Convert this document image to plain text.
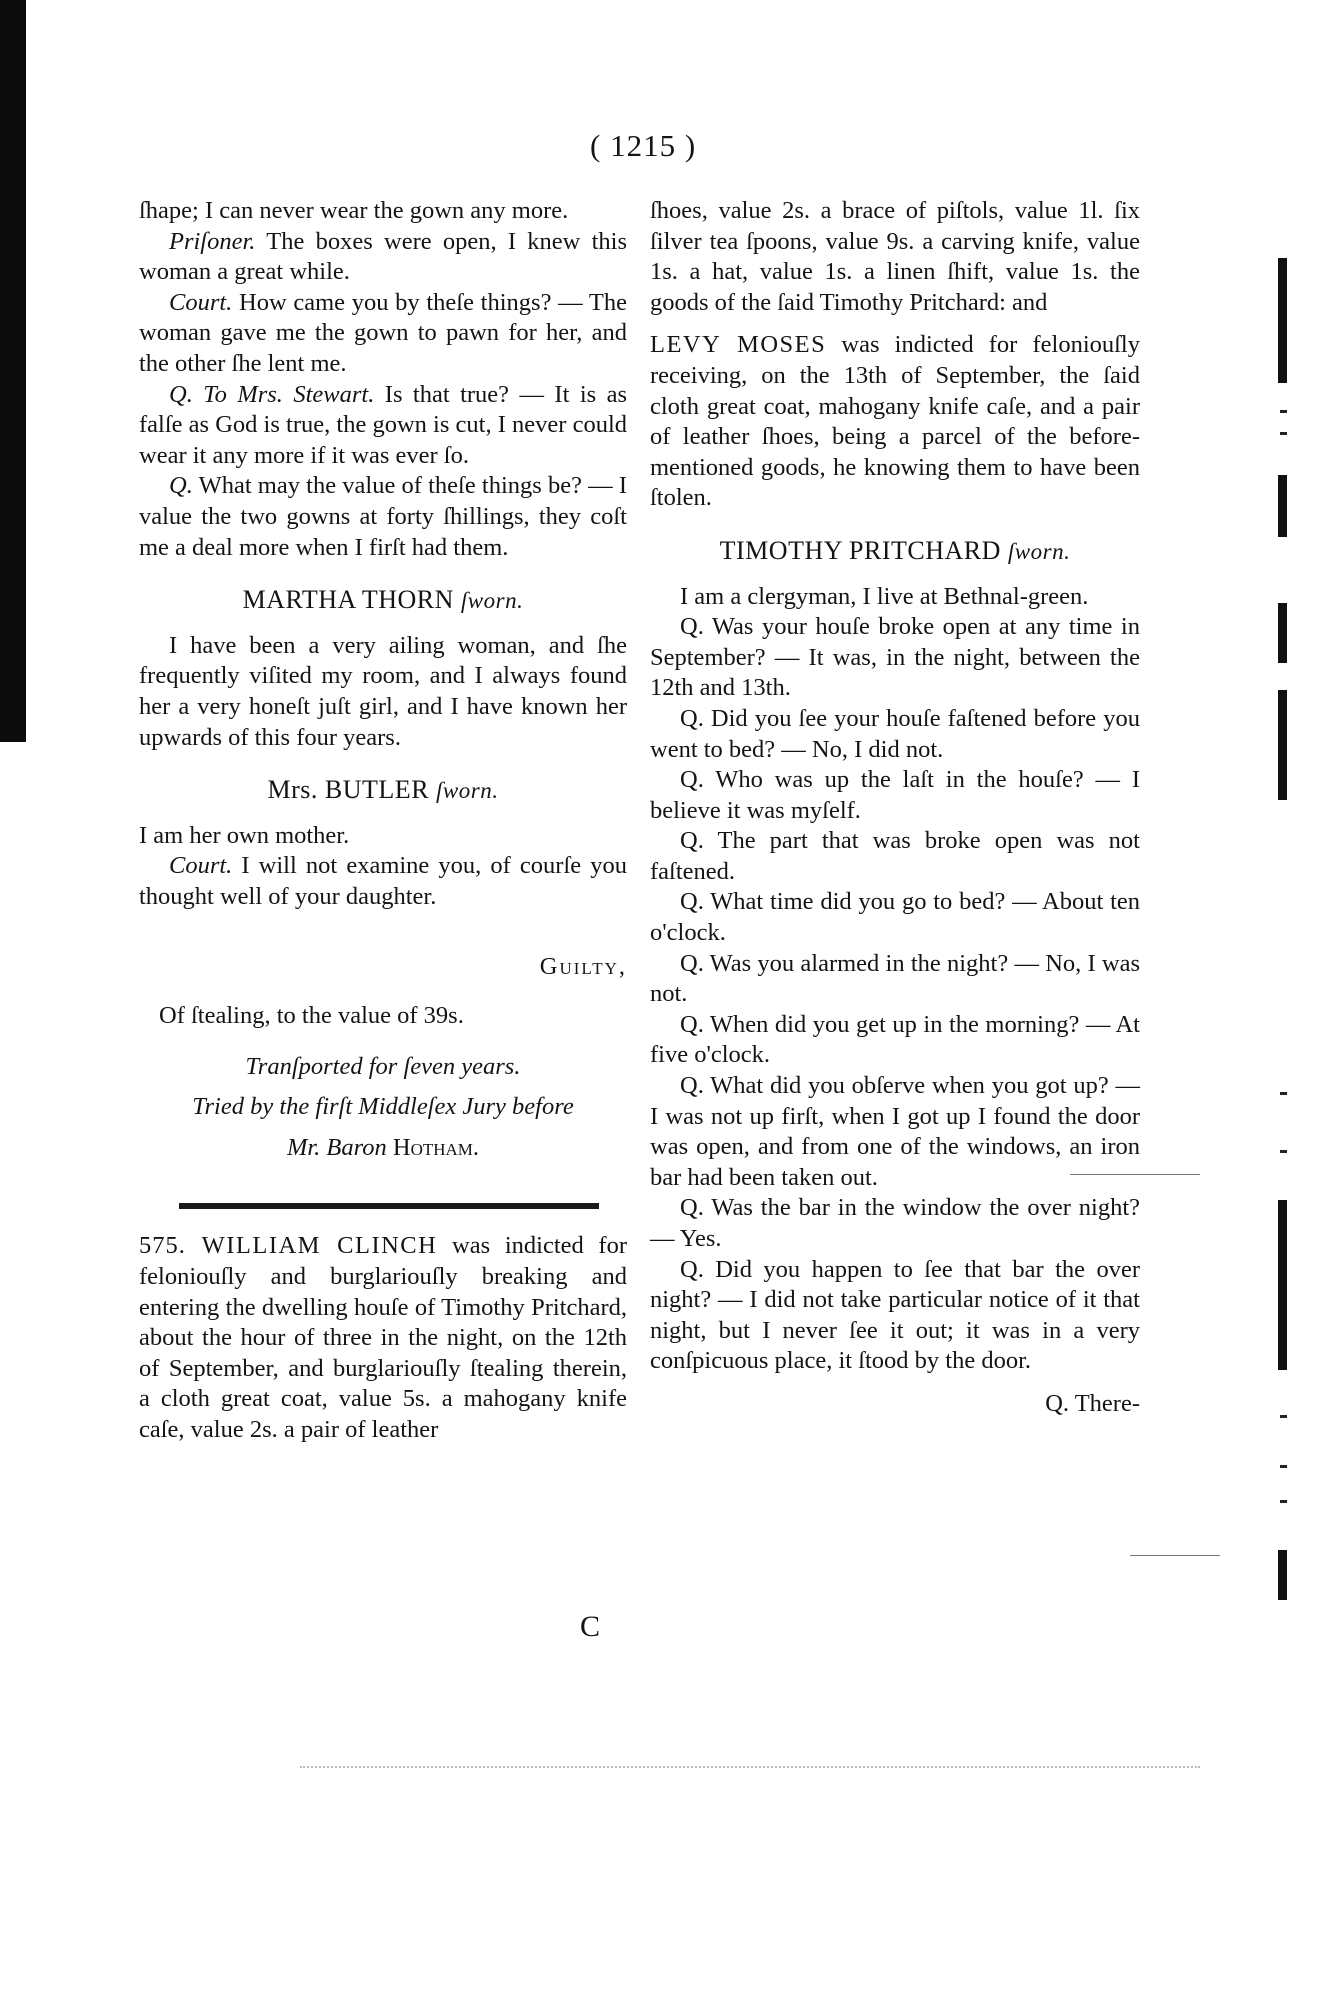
( 1215 )

ſhape; I can never wear the gown any more.

Priſoner. The boxes were open, I knew this woman a great while.

Court. How came you by theſe things? — The woman gave me the gown to pawn for her, and the other ſhe lent me.

Q. To Mrs. Stewart. Is that true? — It is as falſe as God is true, the gown is cut, I never could wear it any more if it was ever ſo.

Q. What may the value of theſe things be? — I value the two gowns at forty ſhillings, they coſt me a deal more when I firſt had them.

MARTHA THORN ſworn.

I have been a very ailing woman, and ſhe frequently viſited my room, and I always found her a very honeſt juſt girl, and I have known her upwards of this four years.

Mrs. BUTLER ſworn.

I am her own mother.

Court. I will not examine you, of courſe you thought well of your daughter.

Guilty,

Of ſtealing, to the value of 39s.

Tranſported for ſeven years.
Tried by the firſt Middleſex Jury before
Mr. Baron Hotham.

575. WILLIAM CLINCH was indicted for feloniouſly and burglariouſly breaking and entering the dwelling houſe of Timothy Pritchard, about the hour of three in the night, on the 12th of September, and burglariouſly ſtealing therein, a cloth great coat, value 5s. a mahogany knife caſe, value 2s. a pair of leather

C

ſhoes, value 2s. a brace of piſtols, value 1l. ſix ſilver tea ſpoons, value 9s. a carving knife, value 1s. a hat, value 1s. a linen ſhift, value 1s. the goods of the ſaid Timothy Pritchard: and

LEVY MOSES was indicted for feloniouſly receiving, on the 13th of September, the ſaid cloth great coat, mahogany knife caſe, and a pair of leather ſhoes, being a parcel of the before-mentioned goods, he knowing them to have been ſtolen.

TIMOTHY PRITCHARD ſworn.

I am a clergyman, I live at Bethnal-green.

Q. Was your houſe broke open at any time in September? — It was, in the night, between the 12th and 13th.

Q. Did you ſee your houſe faſtened before you went to bed? — No, I did not.

Q. Who was up the laſt in the houſe? — I believe it was myſelf.

Q. The part that was broke open was not faſtened.

Q. What time did you go to bed? — About ten o'clock.

Q. Was you alarmed in the night? — No, I was not.

Q. When did you get up in the morning? — At five o'clock.

Q. What did you obſerve when you got up? — I was not up firſt, when I got up I found the door was open, and from one of the windows, an iron bar had been taken out.

Q. Was the bar in the window the over night? — Yes.

Q. Did you happen to ſee that bar the over night? — I did not take particular notice of it that night, but I never ſee it out; it was in a very conſpicuous place, it ſtood by the door.

Q. There-
